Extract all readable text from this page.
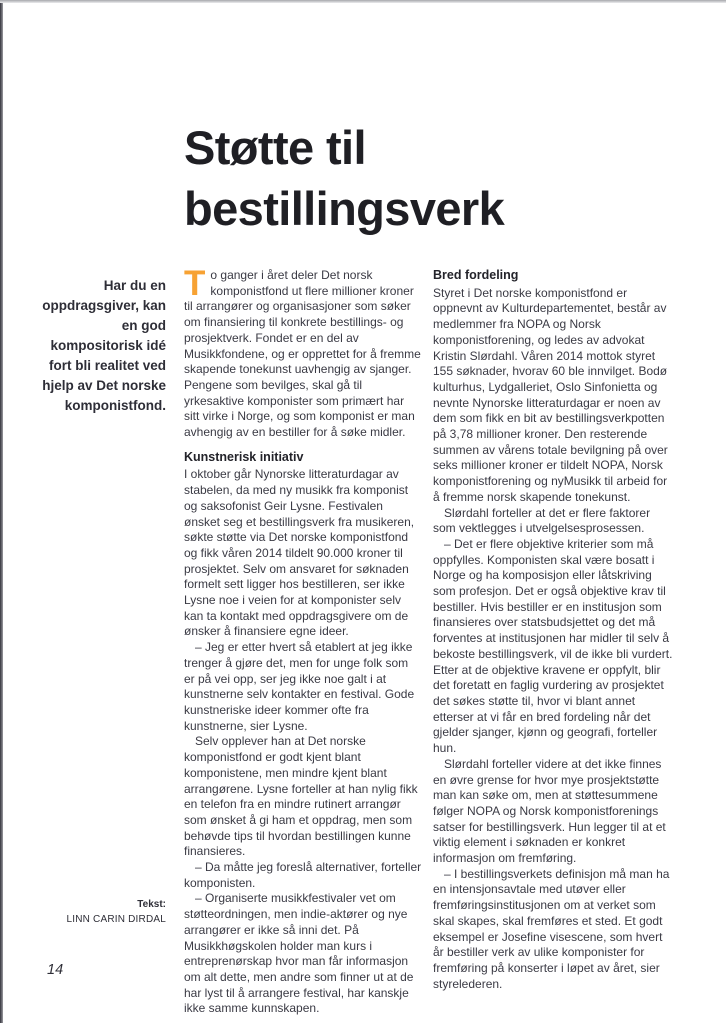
Støtte til
bestillingsverk

Har du en oppdragsgiver, kan en god kompositorisk idé fort bli realitet ved hjelp av Det norske komponistfond.

To ganger i året deler Det norsk komponistfond ut flere millioner kroner til arrangører og organisasjoner som søker om finansiering til konkrete bestillings- og prosjektverk. Fondet er en del av Musikkfondene, og er opprettet for å fremme skapende tonekunst uavhengig av sjanger. Pengene som bevilges, skal gå til yrkesaktive komponister som primært har sitt virke i Norge, og som komponist er man avhengig av en bestiller for å søke midler.

Kunstnerisk initiativ

I oktober går Nynorske litteraturdagar av stabelen, da med ny musikk fra komponist og saksofonist Geir Lysne. Festivalen ønsket seg et bestillingsverk fra musikeren, søkte støtte via Det norske komponistfond og fikk våren 2014 tildelt 90.000 kroner til prosjektet. Selv om ansvaret for søknaden formelt sett ligger hos bestilleren, ser ikke Lysne noe i veien for at komponister selv kan ta kontakt med oppdragsgivere om de ønsker å finansiere egne ideer.

– Jeg er etter hvert så etablert at jeg ikke trenger å gjøre det, men for unge folk som er på vei opp, ser jeg ikke noe galt i at kunstnerne selv kontakter en festival. Gode kunstneriske ideer kommer ofte fra kunstnerne, sier Lysne.

Selv opplever han at Det norske komponistfond er godt kjent blant komponistene, men mindre kjent blant arrangørene. Lysne forteller at han nylig fikk en telefon fra en mindre rutinert arrangør som ønsket å gi ham et oppdrag, men som behøvde tips til hvordan bestillingen kunne finansieres.

– Da måtte jeg foreslå alternativer, forteller komponisten.

– Organiserte musikkfestivaler vet om støtteordningen, men indie-aktører og nye arrangører er ikke så inni det. På Musikkhøgskolen holder man kurs i entreprenørskap hvor man får informasjon om alt dette, men andre som finner ut at de har lyst til å arrangere festival, har kanskje ikke samme kunnskapen.

Bred fordeling

Styret i Det norske komponistfond er oppnevnt av Kulturdepartementet, består av medlemmer fra NOPA og Norsk komponistforening, og ledes av advokat Kristin Slørdahl. Våren 2014 mottok styret 155 søknader, hvorav 60 ble innvilget. Bodø kulturhus, Lydgalleriet, Oslo Sinfonietta og nevnte Nynorske litteraturdagar er noen av dem som fikk en bit av bestillingsverkpotten på 3,78 millioner kroner. Den resterende summen av vårens totale bevilgning på over seks millioner kroner er tildelt NOPA, Norsk komponistforening og nyMusikk til arbeid for å fremme norsk skapende tonekunst.

Slørdahl forteller at det er flere faktorer som vektlegges i utvelgelsesprosessen.

– Det er flere objektive kriterier som må oppfylles. Komponisten skal være bosatt i Norge og ha komposisjon eller låtskriving som profesjon. Det er også objektive krav til bestiller. Hvis bestiller er en institusjon som finansieres over statsbudsjettet og det må forventes at institusjonen har midler til selv å bekoste bestillingsverk, vil de ikke bli vurdert. Etter at de objektive kravene er oppfylt, blir det foretatt en faglig vurdering av prosjektet det søkes støtte til, hvor vi blant annet etterser at vi får en bred fordeling når det gjelder sjanger, kjønn og geografi, forteller hun.

Slørdahl forteller videre at det ikke finnes en øvre grense for hvor mye prosjektstøtte man kan søke om, men at støttesummene følger NOPA og Norsk komponistforenings satser for bestillingsverk. Hun legger til at et viktig element i søknaden er konkret informasjon om fremføring.

– I bestillingsverkets definisjon må man ha en intensjonsavtale med utøver eller fremføringsinstitusjonen om at verket som skal skapes, skal fremføres et sted. Et godt eksempel er Josefine visescene, som hvert år bestiller verk av ulike komponister for fremføring på konserter i løpet av året, sier styrelederen.

Tekst:
LINN CARIN DIRDAL
14
